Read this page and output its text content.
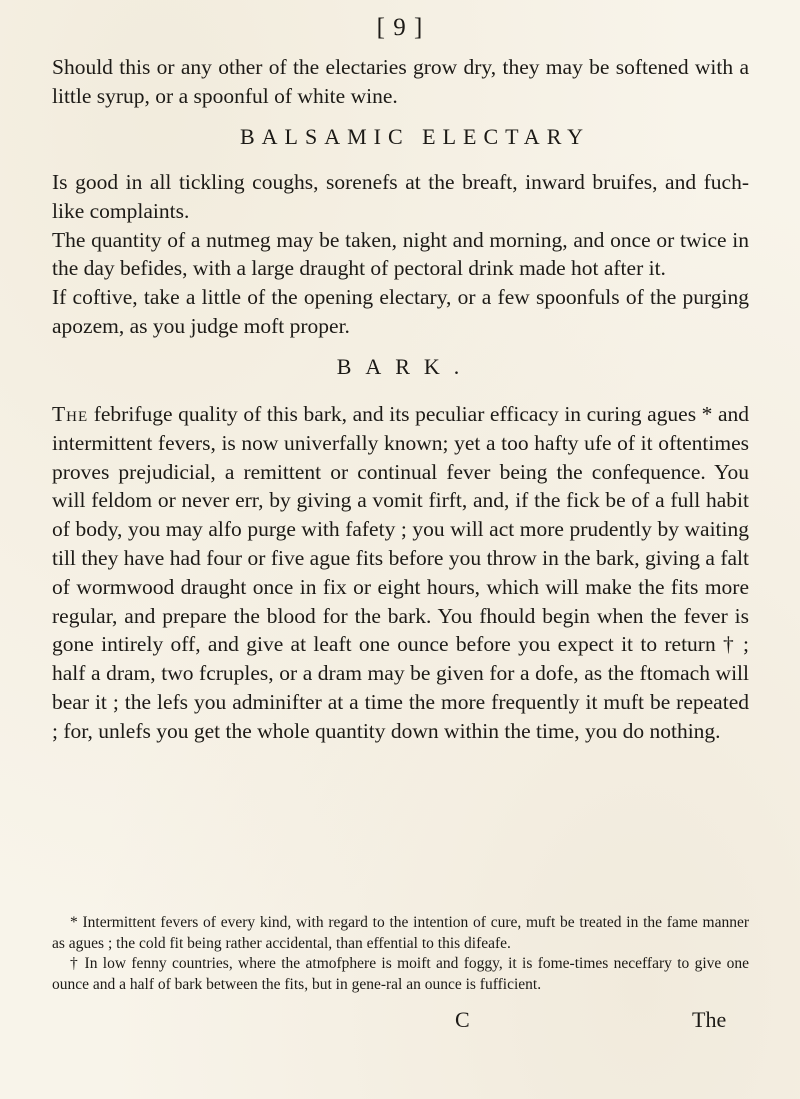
[ 9 ]

Should this or any other of the electaries grow dry, they may be softened with a little syrup, or a spoonful of white wine.

BALSAMIC ELECTARY

Is good in all tickling coughs, sorenefs at the breaft, inward bruifes, and fuch-like complaints.

The quantity of a nutmeg may be taken, night and morning, and once or twice in the day befides, with a large draught of pectoral drink made hot after it.

If coftive, take a little of the opening electary, or a few spoonfuls of the purging apozem, as you judge moft proper.

BARK.

The febrifuge quality of this bark, and its peculiar efficacy in curing agues * and intermittent fevers, is now univerfally known; yet a too hafty ufe of it oftentimes proves prejudicial, a remittent or continual fever being the confequence. You will feldom or never err, by giving a vomit firft, and, if the fick be of a full habit of body, you may alfo purge with fafety ; you will act more prudently by waiting till they have had four or five ague fits before you throw in the bark, giving a falt of wormwood draught once in fix or eight hours, which will make the fits more regular, and prepare the blood for the bark. You fhould begin when the fever is gone intirely off, and give at leaft one ounce before you expect it to return † ; half a dram, two fcruples, or a dram may be given for a dofe, as the ftomach will bear it ; the lefs you adminifter at a time the more frequently it muft be repeated ; for, unlefs you get the whole quantity down within the time, you do nothing.

* Intermittent fevers of every kind, with regard to the intention of cure, muft be treated in the fame manner as agues ; the cold fit being rather accidental, than effential to this difeafe.

† In low fenny countries, where the atmofphere is moift and foggy, it is fome-times neceffary to give one ounce and a half of bark between the fits, but in gene-ral an ounce is fufficient.

C	The
